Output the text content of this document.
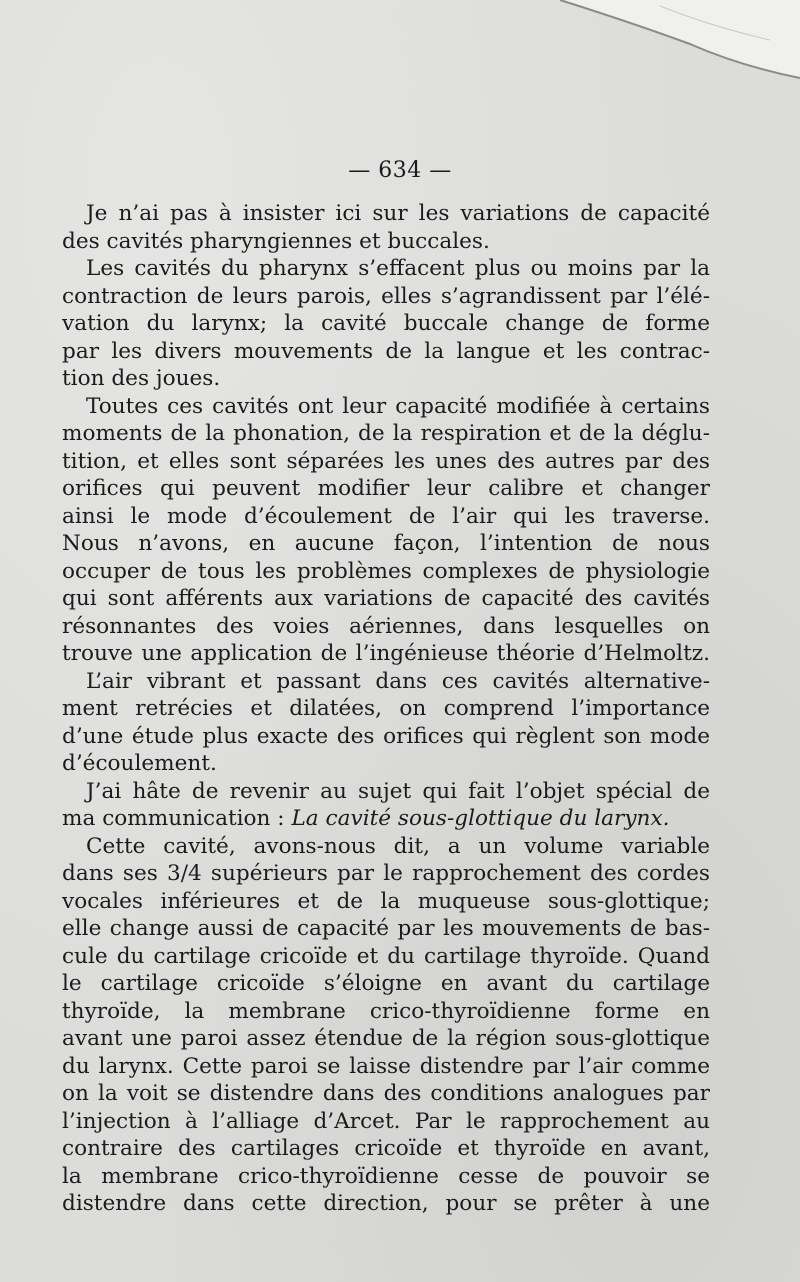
— 634 —
Je n’ai pas à insister ici sur les variations de capacité
des cavités pharyngiennes et buccales.
Les cavités du pharynx s’effacent plus ou moins par la
contraction de leurs parois, elles s’agrandissent par l’élé-
vation du larynx; la cavité buccale change de forme
par les divers mouvements de la langue et les contrac-
tion des joues.
Toutes ces cavités ont leur capacité modifiée à certains
moments de la phonation, de la respiration et de la déglu-
tition, et elles sont séparées les unes des autres par des
orifices qui peuvent modifier leur calibre et changer
ainsi le mode d’écoulement de l’air qui les traverse.
Nous n’avons, en aucune façon, l’intention de nous
occuper de tous les problèmes complexes de physiologie
qui sont afférents aux variations de capacité des cavités
résonnantes des voies aériennes, dans lesquelles on
trouve une application de l’ingénieuse théorie d’Helmoltz.
L’air vibrant et passant dans ces cavités alternative-
ment retrécies et dilatées, on comprend l’importance
d’une étude plus exacte des orifices qui règlent son mode
d’écoulement.
J’ai hâte de revenir au sujet qui fait l’objet spécial de
ma communication : La cavité sous-glottique du larynx.
Cette cavité, avons-nous dit, a un volume variable
dans ses 3/4 supérieurs par le rapprochement des cordes
vocales inférieures et de la muqueuse sous-glottique;
elle change aussi de capacité par les mouvements de bas-
cule du cartilage cricoïde et du cartilage thyroïde. Quand
le cartilage cricoïde s’éloigne en avant du cartilage
thyroïde, la membrane crico-thyroïdienne forme en
avant une paroi assez étendue de la région sous-glottique
du larynx. Cette paroi se laisse distendre par l’air comme
on la voit se distendre dans des conditions analogues par
l’injection à l’alliage d’Arcet. Par le rapprochement au
contraire des cartilages cricoïde et thyroïde en avant,
la membrane crico-thyroïdienne cesse de pouvoir se
distendre dans cette direction, pour se prêter à une
